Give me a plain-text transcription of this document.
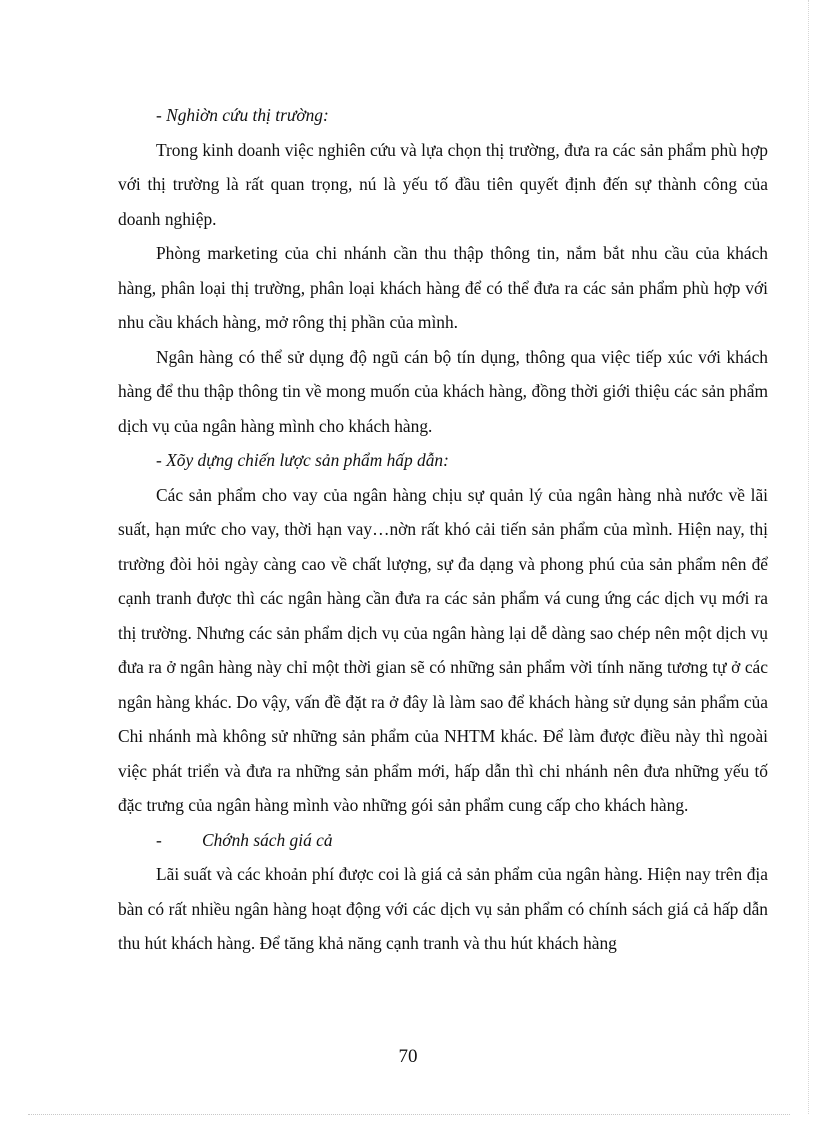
- Nghiờn cứu thị trường:

Trong kinh doanh việc nghiên cứu và lựa chọn thị trường, đưa ra các sản phẩm phù hợp với thị trường là rất quan trọng, nú là yếu tố đầu tiên quyết định đến sự thành công của doanh nghiệp.

Phòng marketing của chi nhánh cần thu thập thông tin, nắm bắt nhu cầu của khách hàng, phân loại thị trường, phân loại khách hàng để có thể đưa ra các sản phẩm phù hợp với nhu cầu khách hàng, mở rông thị phần của mình.

Ngân hàng có thể sử dụng độ ngũ cán bộ tín dụng, thông qua việc tiếp xúc với khách hàng để thu thập thông tin về mong muốn của khách hàng, đồng thời giới thiệu các sản phẩm dịch vụ của ngân hàng mình cho khách hàng.

- Xõy dựng chiến lược sản phẩm hấp dẫn:

Các sản phẩm cho vay của ngân hàng chịu sự quản lý của ngân hàng nhà nước về lãi suất, hạn mức cho vay, thời hạn vay…nờn rất khó cải tiến sản phẩm của mình. Hiện nay, thị trường đòi hỏi ngày càng cao về chất lượng, sự đa dạng và phong phú của sản phẩm nên để cạnh tranh được thì các ngân hàng cần đưa ra các sản phẩm vá cung ứng các dịch vụ mới ra thị trường. Nhưng các sản phẩm dịch vụ của ngân hàng lại dễ dàng sao chép nên một dịch vụ đưa ra ở ngân hàng này chỉ một thời gian sẽ có những sản phẩm vời tính năng tương tự ở các ngân hàng khác. Do vậy, vấn đề đặt ra ở đây là làm sao để khách hàng sử dụng sản phẩm của Chi nhánh mà không sử những sản phẩm của NHTM khác. Để làm được điều này thì ngoài việc phát triển và đưa ra những sản phẩm mới, hấp dẫn thì chi nhánh nên đưa những yếu tố đặc trưng của ngân hàng mình vào những gói sản phẩm cung cấp cho khách hàng.

- Chớnh sách giá cả

Lãi suất và các khoản phí được coi là giá cả sản phẩm của ngân hàng. Hiện nay trên địa bàn có rất nhiều ngân hàng hoạt động với các dịch vụ sản phẩm có chính sách giá cả hấp dẫn thu hút khách hàng. Để tăng khả năng cạnh tranh và thu hút khách hàng

70
